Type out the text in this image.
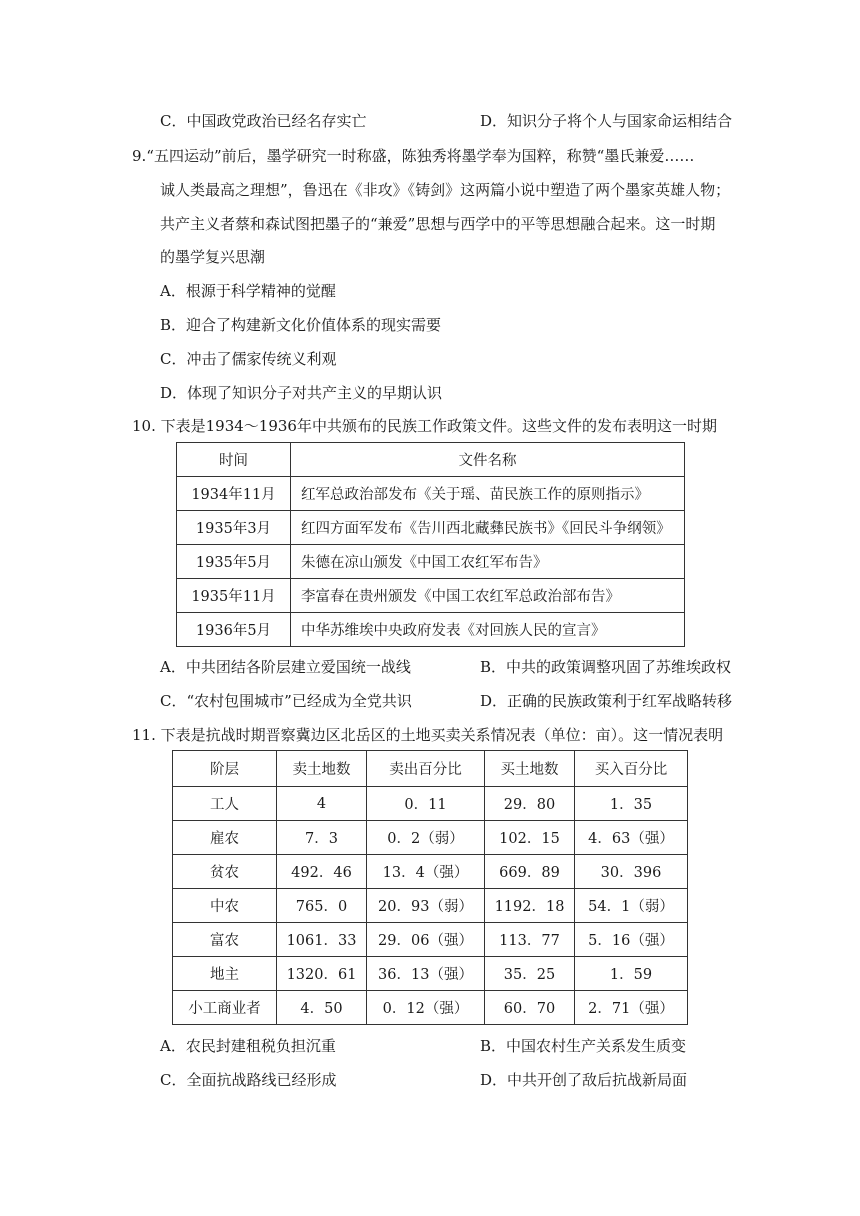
C．中国政党政治已经名存实亡	D．知识分子将个人与国家命运相结合
9.“五四运动”前后，墨学研究一时称盛，陈独秀将墨学奉为国粹，称赞“墨氏兼爱……
诚人类最高之理想”，鲁迅在《非攻》《铸剑》这两篇小说中塑造了两个墨家英雄人物；
共产主义者蔡和森试图把墨子的“兼爱”思想与西学中的平等思想融合起来。这一时期
的墨学复兴思潮
A．根源于科学精神的觉醒
B．迎合了构建新文化价值体系的现实需要
C．冲击了儒家传统义利观
D．体现了知识分子对共产主义的早期认识
10. 下表是1934～1936年中共颁布的民族工作政策文件。这些文件的发布表明这一时期
时间	文件名称
1934年11月	红军总政治部发布《关于瑶、苗民族工作的原则指示》
1935年3月	红四方面军发布《告川西北藏彝民族书》《回民斗争纲领》
1935年5月	朱德在凉山颁发《中国工农红军布告》
1935年11月	李富春在贵州颁发《中国工农红军总政治部布告》
1936年5月	中华苏维埃中央政府发表《对回族人民的宣言》
A．中共团结各阶层建立爱国统一战线	B．中共的政策调整巩固了苏维埃政权
C．“农村包围城市”已经成为全党共识	D．正确的民族政策利于红军战略转移
11. 下表是抗战时期晋察冀边区北岳区的土地买卖关系情况表（单位：亩）。这一情况表明
阶层	卖土地数	卖出百分比	买土地数	买入百分比
工人	4	0．11	29．80	1．35
雇农	7．3	0．2（弱）	102．15	4．63（强）
贫农	492．46	13．4（强）	669．89	30．396
中农	765．0	20．93（弱）	1192．18	54．1（弱）
富农	1061．33	29．06（强）	113．77	5．16（强）
地主	1320．61	36．13（强）	35．25	1．59
小工商业者	4．50	0．12（强）	60．70	2．71（强）
A．农民封建租税负担沉重	B．中国农村生产关系发生质变
C．全面抗战路线已经形成	D．中共开创了敌后抗战新局面
